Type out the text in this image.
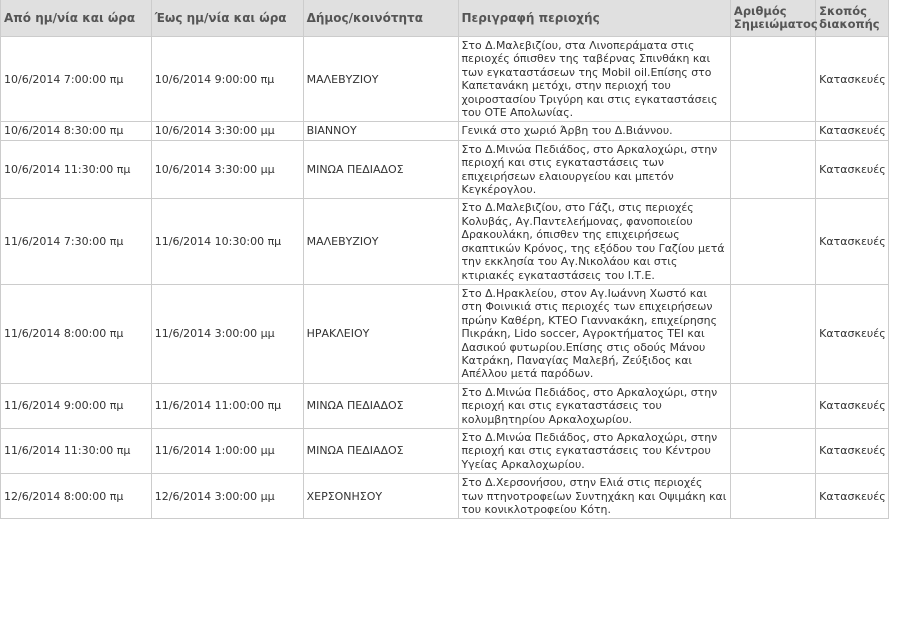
Από ημ/νία και ώρα	Έως ημ/νία και ώρα	Δήμος/κοινότητα	Περιγραφή περιοχής	Αριθμός Σημειώματος	Σκοπός διακοπής
10/6/2014 7:00:00 πμ	10/6/2014 9:00:00 πμ	ΜΑΛΕΒΥΖΙΟΥ	Στο Δ.Μαλεβιζίου, στα Λινοπεράματα στις περιοχές όπισθεν της ταβέρνας Σπινθάκη και των εγκαταστάσεων της Mobil oil.Επίσης στο Καπετανάκη μετόχι, στην περιοχή του χοιροστασίου Τριγύρη και στις εγκαταστάσεις του ΟΤΕ Απολωνίας.		Κατασκευές
10/6/2014 8:30:00 πμ	10/6/2014 3:30:00 μμ	ΒΙΑΝΝΟΥ	Γενικά στο χωριό Άρβη του Δ.Βιάννου.		Κατασκευές
10/6/2014 11:30:00 πμ	10/6/2014 3:30:00 μμ	ΜΙΝΩΑ ΠΕΔΙΑΔΟΣ	Στο Δ.Μινώα Πεδιάδος, στο Αρκαλοχώρι, στην περιοχή και στις εγκαταστάσεις των επιχειρήσεων ελαιουργείου και μπετόν Κεγκέρογλου.		Κατασκευές
11/6/2014 7:30:00 πμ	11/6/2014 10:30:00 πμ	ΜΑΛΕΒΥΖΙΟΥ	Στο Δ.Μαλεβιζίου, στο Γάζι, στις περιοχές Κολυβάς, Αγ.Παντελεήμονας, φανοποιείου Δρακουλάκη, όπισθεν της επιχειρήσεως σκαπτικών Κρόνος, της εξόδου του Γαζίου μετά την εκκλησία του Αγ.Νικολάου και στις κτιριακές εγκαταστάσεις του Ι.Τ.Ε.		Κατασκευές
11/6/2014 8:00:00 πμ	11/6/2014 3:00:00 μμ	ΗΡΑΚΛΕΙΟΥ	Στο Δ.Ηρακλείου, στον Αγ.Ιωάννη Χωστό και στη Φοινικιά στις περιοχές των επιχειρήσεων πρώην Καθέρη, ΚΤΕΟ Γιαννακάκη, επιχείρησης Πικράκη, Lido soccer, Αγροκτήματος ΤΕΙ και Δασικού φυτωρίου.Επίσης στις οδούς Μάνου Κατράκη, Παναγίας Μαλεβή, Ζεύξιδος και Απέλλου μετά παρόδων.		Κατασκευές
11/6/2014 9:00:00 πμ	11/6/2014 11:00:00 πμ	ΜΙΝΩΑ ΠΕΔΙΑΔΟΣ	Στο Δ.Μινώα Πεδιάδος, στο Αρκαλοχώρι, στην περιοχή και στις εγκαταστάσεις του κολυμβητηρίου Αρκαλοχωρίου.		Κατασκευές
11/6/2014 11:30:00 πμ	11/6/2014 1:00:00 μμ	ΜΙΝΩΑ ΠΕΔΙΑΔΟΣ	Στο Δ.Μινώα Πεδιάδος, στο Αρκαλοχώρι, στην περιοχή και στις εγκαταστάσεις του Κέντρου Υγείας Αρκαλοχωρίου.		Κατασκευές
12/6/2014 8:00:00 πμ	12/6/2014 3:00:00 μμ	ΧΕΡΣΟΝΗΣΟΥ	Στο Δ.Χερσονήσου, στην Ελιά στις περιοχές των πτηνοτροφείων Συντηχάκη και Οψιμάκη και του κονικλοτροφείου Κότη.		Κατασκευές
